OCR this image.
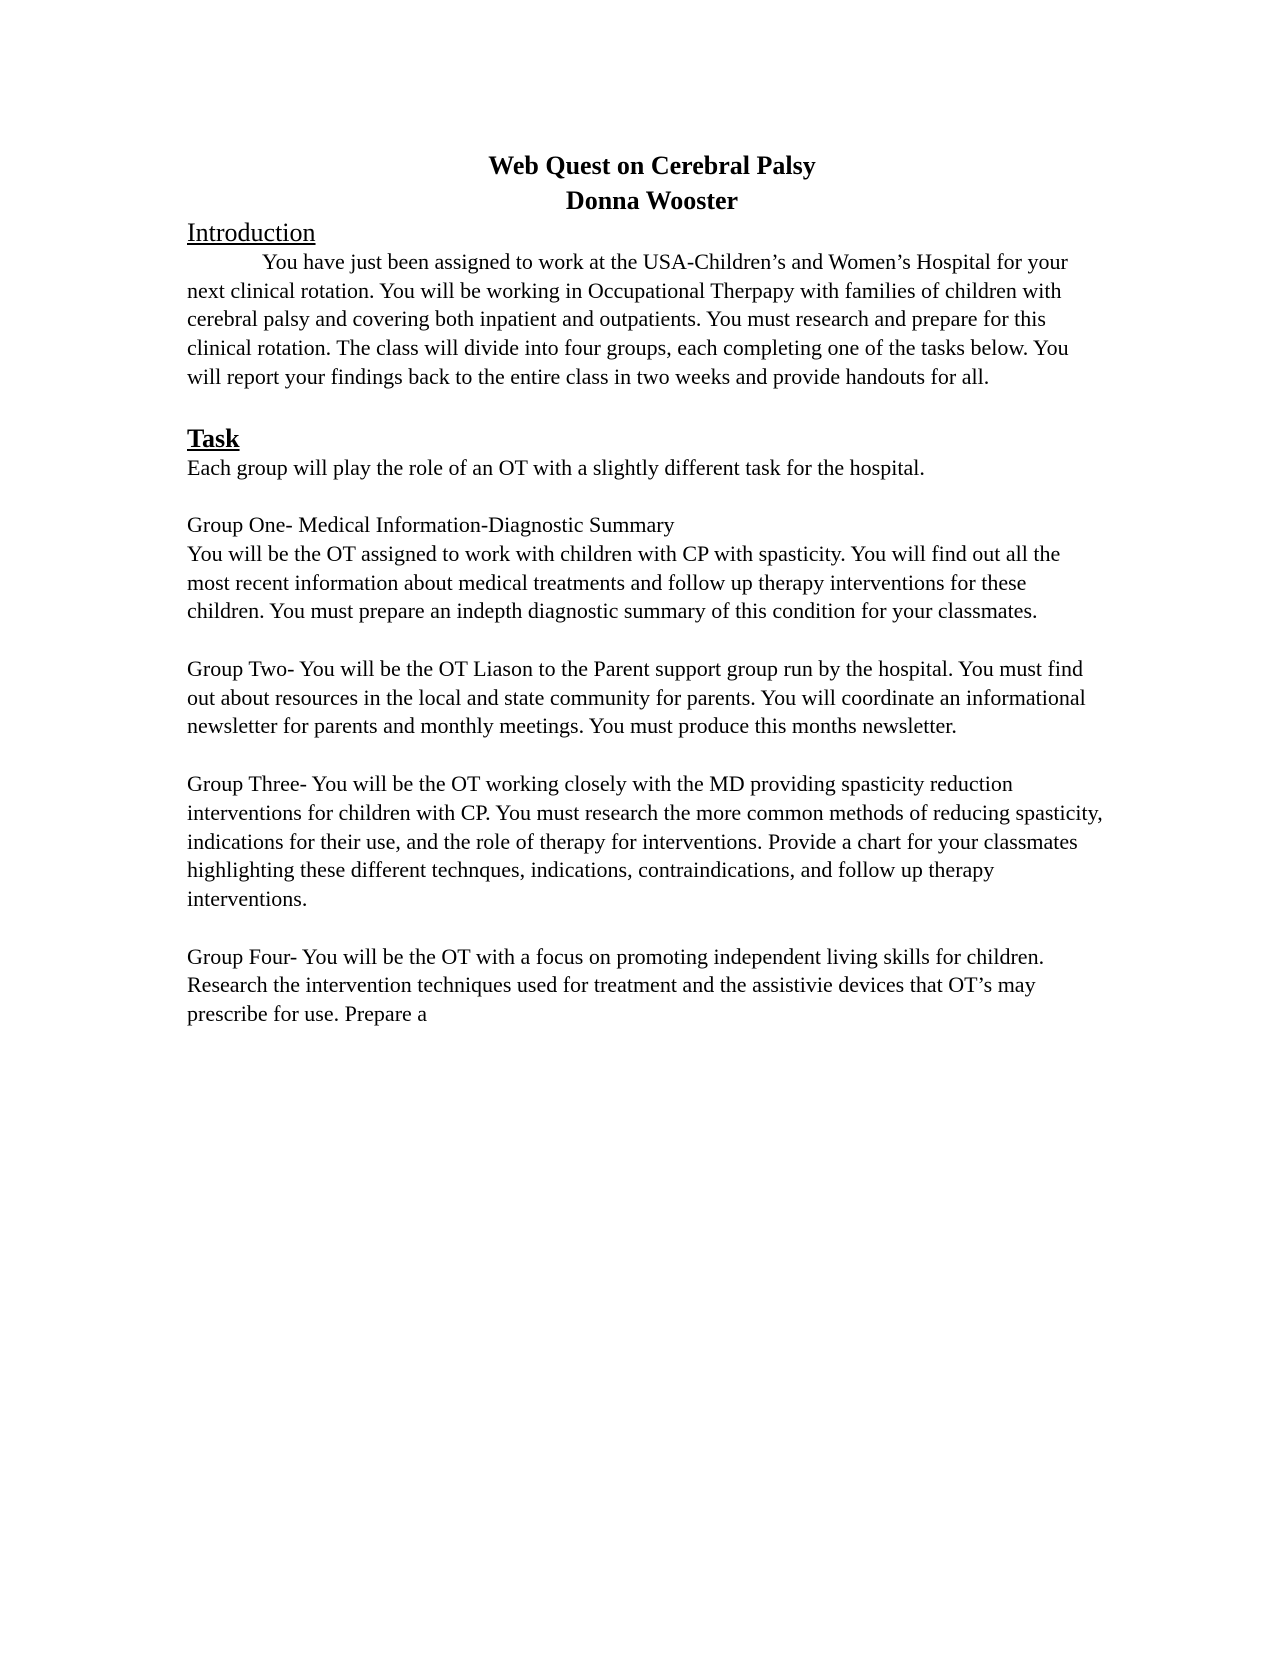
Web Quest on Cerebral Palsy
Donna Wooster
Introduction

You have just been assigned to work at the USA-Children’s and Women’s Hospital for your next clinical rotation. You will be working in Occupational Therpapy with families of children with cerebral palsy and covering both inpatient and outpatients. You must research and prepare for this clinical rotation. The class will divide into four groups, each completing one of the tasks below. You will report your findings back to the entire class in two weeks and provide handouts for all.

Task

Each group will play the role of an OT with a slightly different task for the hospital.

Group One- Medical Information-Diagnostic Summary

You will be the OT assigned to work with children with CP with spasticity. You will find out all the most recent information about medical treatments and follow up therapy interventions for these children. You must prepare an indepth diagnostic summary of this condition for your classmates.

Group Two- You will be the OT Liason to the Parent support group run by the hospital. You must find out about resources in the local and state community for parents. You will coordinate an informational newsletter for parents and monthly meetings. You must produce this months newsletter.

Group Three- You will be the OT working closely with the MD providing spasticity reduction interventions for children with CP. You must research the more common methods of reducing spasticity, indications for their use, and the role of therapy for interventions. Provide a chart for your classmates highlighting these different technques, indications, contraindications, and follow up therapy interventions.

Group Four- You will be the OT with a focus on promoting independent living skills for children. Research the intervention techniques used for treatment and the assistivie devices that OT’s may prescribe for use. Prepare a
